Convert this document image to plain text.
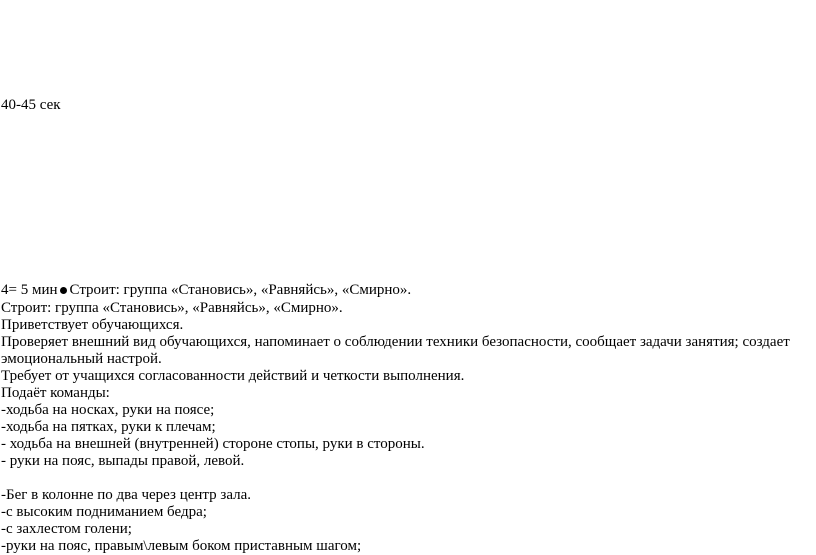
40-45 сек
4= 5 мин Строит: группа «Становись», «Равняйсь», «Смирно».
Строит: группа «Становись», «Равняйсь», «Смирно».
Приветствует обучающихся.
Проверяет внешний вид обучающихся, напоминает о соблюдении техники безопасности, сообщает задачи занятия; создает
эмоциональный настрой.
Требует от учащихся согласованности действий и четкости выполнения.
Подаёт команды:
-ходьба на носках, руки на поясе;
-ходьба на пятках, руки к плечам;
- ходьба на внешней (внутренней) стороне стопы, руки в стороны.
- руки на пояс, выпады правой, левой.
-Бег в колонне по два через центр зала.
-с высоким подниманием бедра;
-с захлестом голени;
-руки на пояс, правым\левым боком приставным шагом;
